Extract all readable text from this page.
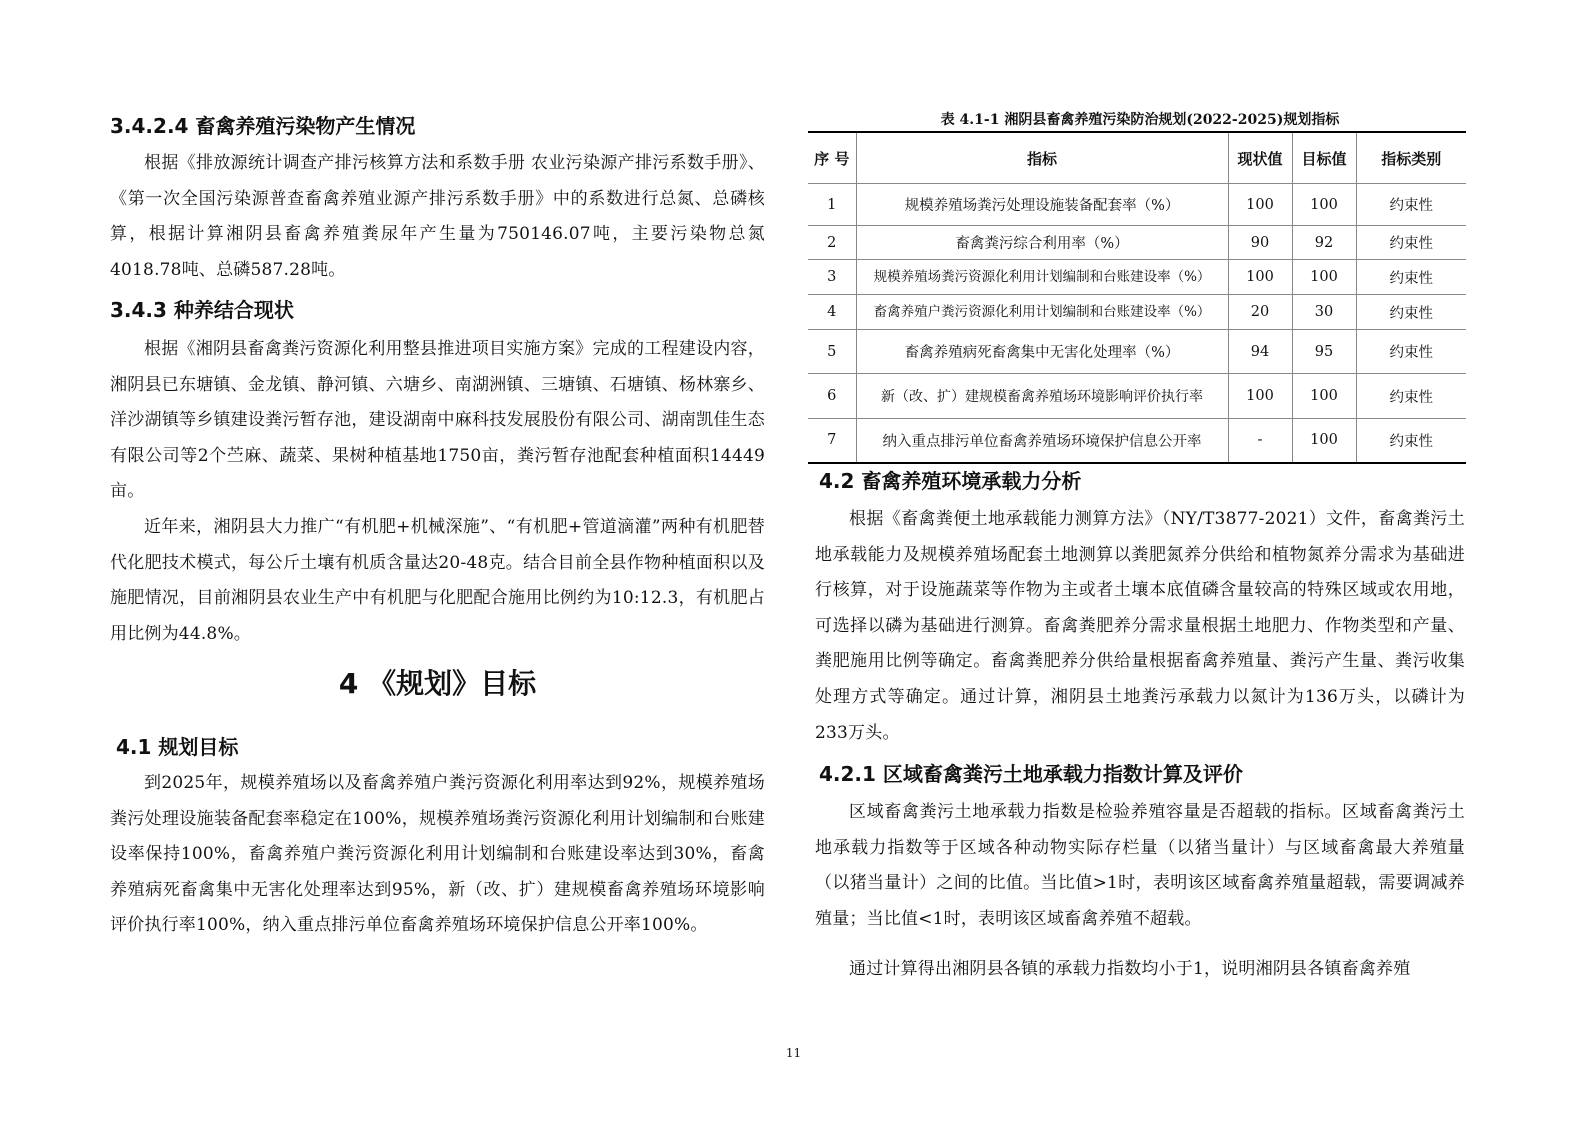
3.4.2.4 畜禽养殖污染物产生情况

根据《排放源统计调查产排污核算方法和系数手册 农业污染源产排污系数手册》、《第一次全国污染源普查畜禽养殖业源产排污系数手册》中的系数进行总氮、总磷核算，根据计算湘阴县畜禽养殖粪尿年产生量为750146.07吨，主要污染物总氮4018.78吨、总磷587.28吨。

3.4.3 种养结合现状

根据《湘阴县畜禽粪污资源化利用整县推进项目实施方案》完成的工程建设内容，湘阴县已东塘镇、金龙镇、静河镇、六塘乡、南湖洲镇、三塘镇、石塘镇、杨林寨乡、洋沙湖镇等乡镇建设粪污暂存池，建设湖南中麻科技发展股份有限公司、湖南凯佳生态有限公司等2个苎麻、蔬菜、果树种植基地1750亩，粪污暂存池配套种植面积14449亩。

近年来，湘阴县大力推广“有机肥+机械深施”、“有机肥+管道滴灌”两种有机肥替代化肥技术模式，每公斤土壤有机质含量达20-48克。结合目前全县作物种植面积以及施肥情况，目前湘阴县农业生产中有机肥与化肥配合施用比例约为10:12.3，有机肥占用比例为44.8%。

4 《规划》目标
4.1 规划目标

到2025年，规模养殖场以及畜禽养殖户粪污资源化利用率达到92%，规模养殖场粪污处理设施装备配套率稳定在100%，规模养殖场粪污资源化利用计划编制和台账建设率保持100%，畜禽养殖户粪污资源化利用计划编制和台账建设率达到30%，畜禽养殖病死畜禽集中无害化处理率达到95%，新（改、扩）建规模畜禽养殖场环境影响评价执行率100%，纳入重点排污单位畜禽养殖场环境保护信息公开率100%。

表 4.1-1 湘阴县畜禽养殖污染防治规划(2022-2025)规划指标
序 号	指标	现状值	目标值	指标类别
1	规模养殖场粪污处理设施装备配套率（%）	100	100	约束性
2	畜禽粪污综合利用率（%）	90	92	约束性
3	规模养殖场粪污资源化利用计划编制和台账建设率（%）	100	100	约束性
4	畜禽养殖户粪污资源化利用计划编制和台账建设率（%）	20	30	约束性
5	畜禽养殖病死畜禽集中无害化处理率（%）	94	95	约束性
6	新（改、扩）建规模畜禽养殖场环境影响评价执行率	100	100	约束性
7	纳入重点排污单位畜禽养殖场环境保护信息公开率	-	100	约束性
4.2 畜禽养殖环境承载力分析

根据《畜禽粪便土地承载能力测算方法》（NY/T3877-2021）文件，畜禽粪污土地承载能力及规模养殖场配套土地测算以粪肥氮养分供给和植物氮养分需求为基础进行核算，对于设施蔬菜等作物为主或者土壤本底值磷含量较高的特殊区域或农用地，可选择以磷为基础进行测算。畜禽粪肥养分需求量根据土地肥力、作物类型和产量、粪肥施用比例等确定。畜禽粪肥养分供给量根据畜禽养殖量、粪污产生量、粪污收集处理方式等确定。通过计算，湘阴县土地粪污承载力以氮计为136万头，以磷计为233万头。

4.2.1 区域畜禽粪污土地承载力指数计算及评价

区域畜禽粪污土地承载力指数是检验养殖容量是否超载的指标。区域畜禽粪污土地承载力指数等于区域各种动物实际存栏量（以猪当量计）与区域畜禽最大养殖量（以猪当量计）之间的比值。当比值>1时，表明该区域畜禽养殖量超载，需要调减养殖量；当比值<1时，表明该区域畜禽养殖不超载。

通过计算得出湘阴县各镇的承载力指数均小于1，说明湘阴县各镇畜禽养殖

11
